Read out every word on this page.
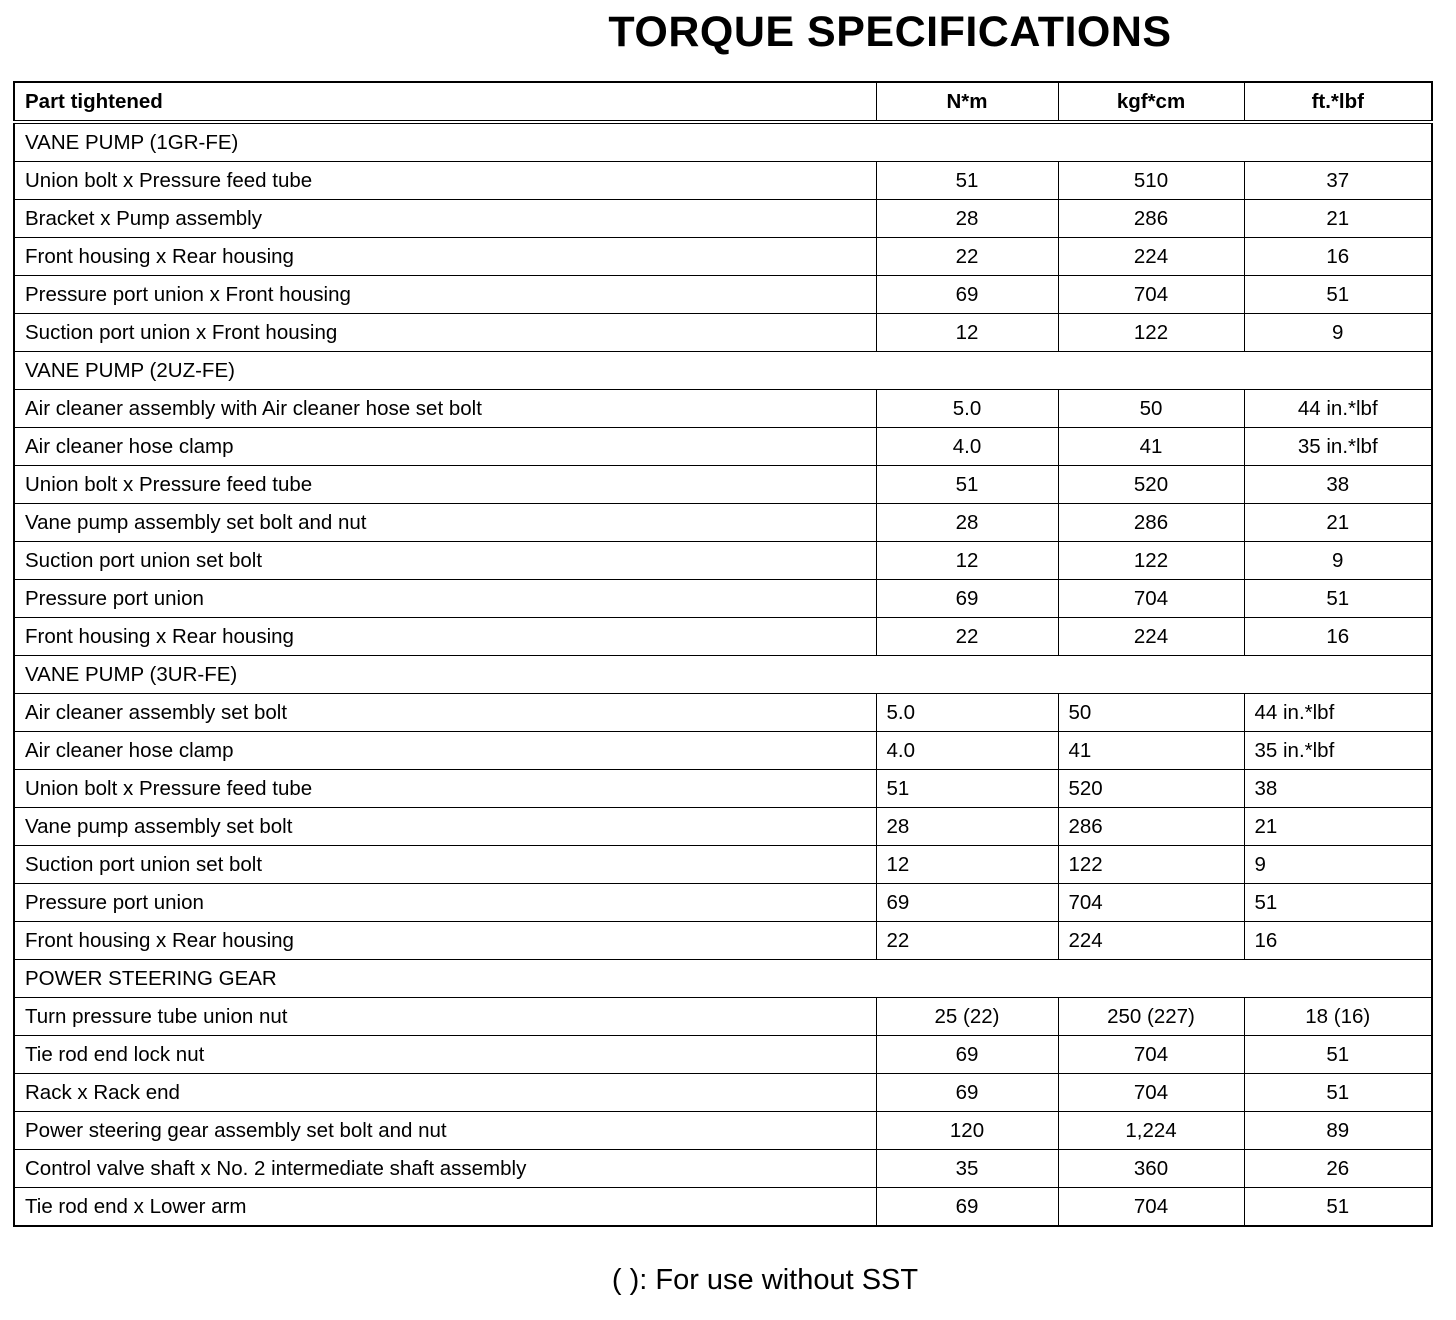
TORQUE SPECIFICATIONS
Part tightened	N*m	kgf*cm	ft.*lbf
VANE PUMP (1GR-FE)			
Union bolt x Pressure feed tube	51	510	37
Bracket x Pump assembly	28	286	21
Front housing x Rear housing	22	224	16
Pressure port union x Front housing	69	704	51
Suction port union x Front housing	12	122	9
VANE PUMP (2UZ-FE)			
Air cleaner assembly with Air cleaner hose set bolt	5.0	50	44 in.*lbf
Air cleaner hose clamp	4.0	41	35 in.*lbf
Union bolt x Pressure feed tube	51	520	38
Vane pump assembly set bolt and nut	28	286	21
Suction port union set bolt	12	122	9
Pressure port union	69	704	51
Front housing x Rear housing	22	224	16
VANE PUMP (3UR-FE)			
Air cleaner assembly set bolt	5.0	50	44 in.*lbf
Air cleaner hose clamp	4.0	41	35 in.*lbf
Union bolt x Pressure feed tube	51	520	38
Vane pump assembly set bolt	28	286	21
Suction port union set bolt	12	122	9
Pressure port union	69	704	51
Front housing x Rear housing	22	224	16
POWER STEERING GEAR			
Turn pressure tube union nut	25 (22)	250 (227)	18 (16)
Tie rod end lock nut	69	704	51
Rack x Rack end	69	704	51
Power steering gear assembly set bolt and nut	120	1,224	89
Control valve shaft x No. 2 intermediate shaft assembly	35	360	26
Tie rod end x Lower arm	69	704	51
( ): For use without SST
